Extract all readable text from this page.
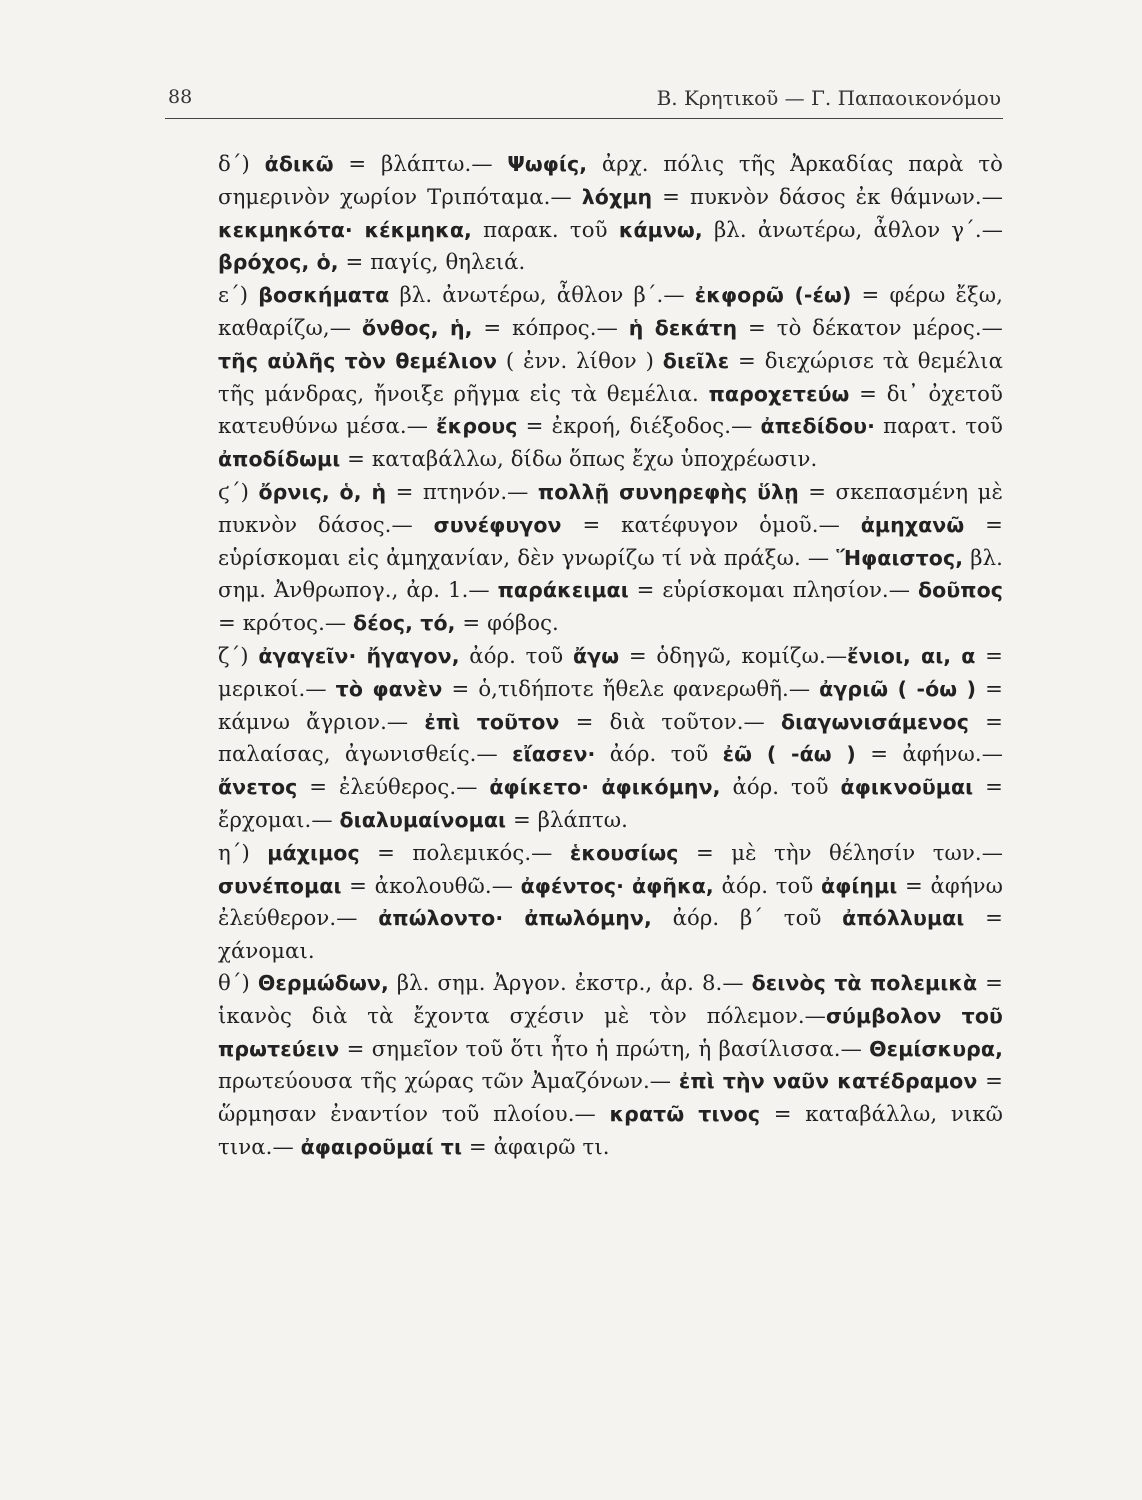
88	Β. Κρητικοῦ — Γ. Παπαοικονόμου

δ΄) ἀδικῶ = βλάπτω.— Ψωφίς, ἀρχ. πόλις τῆς Ἀρκαδίας παρὰ τὸ σημερινὸν χωρίον Τριπόταμα.— λόχμη = πυκνὸν δάσος ἐκ θάμνων.— κεκμηκότα· κέκμηκα, παρακ. τοῦ κάμνω, βλ. ἀνωτέρω, ἆθλον γ΄.— βρόχος, ὁ, = παγίς, θηλειά.

ε΄) βοσκήματα βλ. ἀνωτέρω, ἆθλον β΄.— ἐκφορῶ (-έω) = φέρω ἔξω, καθαρίζω,— ὄνθος, ἡ, = κόπρος.— ἡ δεκάτη = τὸ δέκατον μέρος.— τῆς αὐλῆς τὸν θεμέλιον ( ἐνν. λίθον ) διεῖλε = διεχώρισε τὰ θεμέλια τῆς μάνδρας, ἤνοιξε ρῆγμα εἰς τὰ θεμέλια. παροχετεύω = δι᾽ ὀχετοῦ κατευθύνω μέσα.— ἔκρους = ἐκροή, διέξοδος.— ἀπεδίδου· παρατ. τοῦ ἀποδίδωμι = καταβάλλω, δίδω ὅπως ἔχω ὑποχρέωσιν.

ϛ΄) ὄρνις, ὁ, ἡ = πτηνόν.— πολλῇ συνηρεφὴς ὕλῃ = σκεπασμένη μὲ πυκνὸν δάσος.— συνέφυγον = κατέφυγον ὁμοῦ.— ἀμηχανῶ = εὑρίσκομαι εἰς ἀμηχανίαν, δὲν γνωρίζω τί νὰ πράξω. — Ἥφαιστος, βλ. σημ. Ἀνθρωπογ., ἀρ. 1.— παράκειμαι = εὑρίσκομαι πλησίον.— δοῦπος = κρότος.— δέος, τό, = φόβος.

ζ΄) ἀγαγεῖν· ἤγαγον, ἀόρ. τοῦ ἄγω = ὁδηγῶ, κομίζω.—ἔνιοι, αι, α = μερικοί.— τὸ φανὲν = ὁ,τιδήποτε ἤθελε φανερωθῆ.— ἀγριῶ ( -όω ) = κάμνω ἄγριον.— ἐπὶ τοῦτον = διὰ τοῦτον.— διαγωνισάμενος = παλαίσας, ἀγωνισθείς.— εἴασεν· ἀόρ. τοῦ ἐῶ ( -άω ) = ἀφήνω.— ἄνετος = ἐλεύθερος.— ἀφίκετο· ἀφικόμην, ἀόρ. τοῦ ἀφικνοῦμαι = ἔρχομαι.— διαλυμαίνομαι = βλάπτω.

η΄) μάχιμος = πολεμικός.— ἑκουσίως = μὲ τὴν θέλησίν των.— συνέπομαι = ἀκολουθῶ.— ἀφέντος· ἀφῆκα, ἀόρ. τοῦ ἀφίημι = ἀφήνω ἐλεύθερον.— ἀπώλοντο· ἀπωλόμην, ἀόρ. β΄ τοῦ ἀπόλλυμαι = χάνομαι.

θ΄) Θερμώδων, βλ. σημ. Ἀργον. ἐκστρ., ἀρ. 8.— δεινὸς τὰ πολεμικὰ = ἱκανὸς διὰ τὰ ἔχοντα σχέσιν μὲ τὸν πόλεμον.—σύμβολον τοῦ πρωτεύειν = σημεῖον τοῦ ὅτι ἦτο ἡ πρώτη, ἡ βασίλισσα.— Θεμίσκυρα, πρωτεύουσα τῆς χώρας τῶν Ἀμαζόνων.— ἐπὶ τὴν ναῦν κατέδραμον = ὥρμησαν ἐναντίον τοῦ πλοίου.— κρατῶ τινος = καταβάλλω, νικῶ τινα.— ἀφαιροῦμαί τι = ἀφαιρῶ τι.
